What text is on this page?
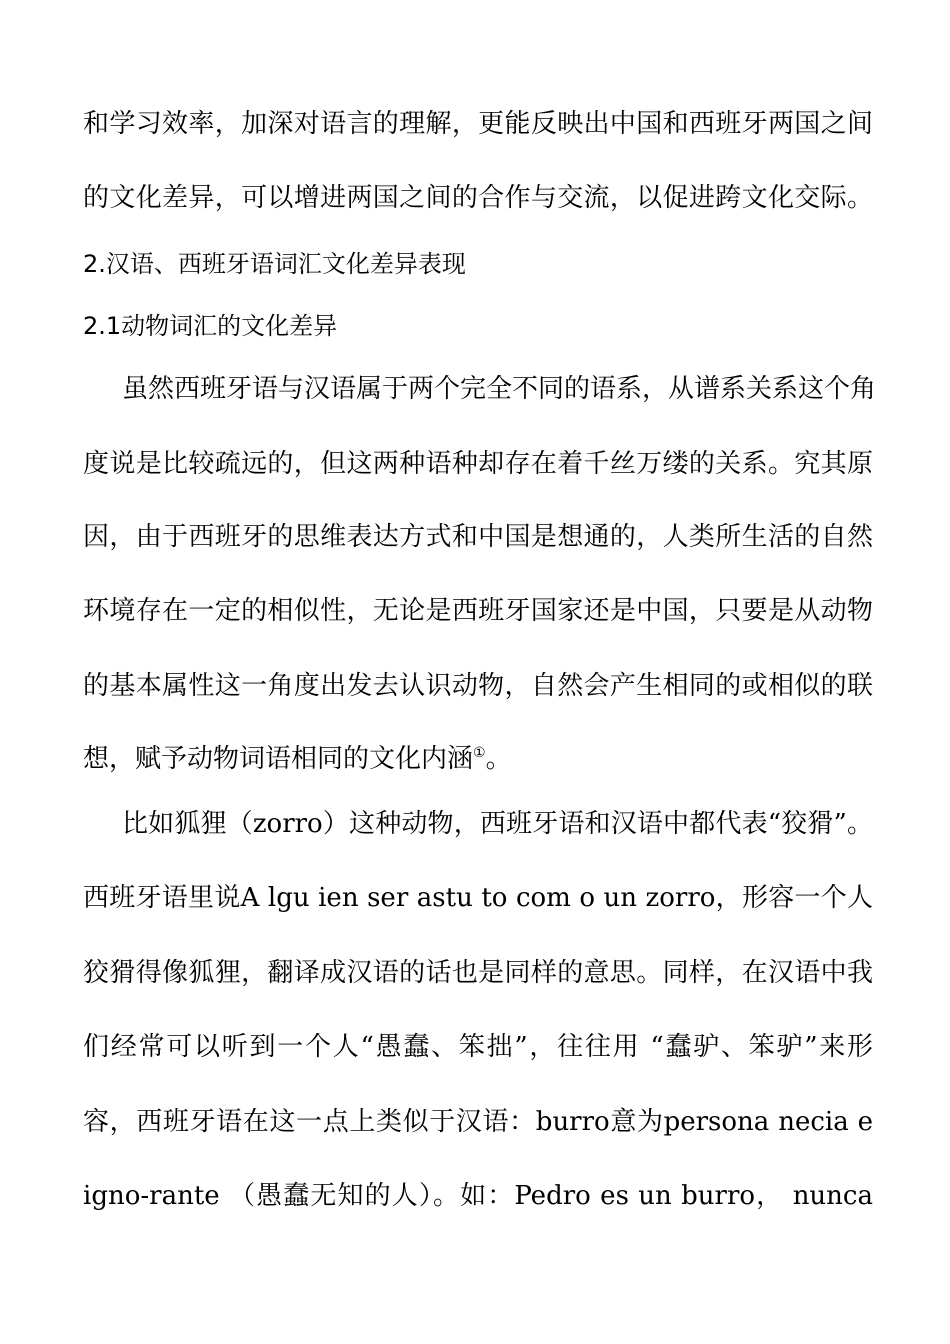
和学习效率，加深对语言的理解，更能反映出中国和西班牙两国之间
的文化差异，可以增进两国之间的合作与交流，以促进跨文化交际。
2.汉语、西班牙语词汇文化差异表现
2.1动物词汇的文化差异
虽然西班牙语与汉语属于两个完全不同的语系，从谱系关系这个角
度说是比较疏远的，但这两种语种却存在着千丝万缕的关系。究其原
因，由于西班牙的思维表达方式和中国是想通的，人类所生活的自然
环境存在一定的相似性，无论是西班牙国家还是中国，只要是从动物
的基本属性这一角度出发去认识动物，自然会产生相同的或相似的联
想，赋予动物词语相同的文化内涵①。
比如狐狸（zorro）这种动物，西班牙语和汉语中都代表“狡猾”。
西班牙语里说A lgu ien ser astu to com o un zorro，形容一个人
狡猾得像狐狸，翻译成汉语的话也是同样的意思。同样，在汉语中我
们经常可以听到一个人“愚蠢、笨拙”，往往用 “蠢驴、笨驴”来形
容，西班牙语在这一点上类似于汉语：burro意为persona necia e
igno-rante （愚蠢无知的人）。如：Pedro es un burro， nunca
